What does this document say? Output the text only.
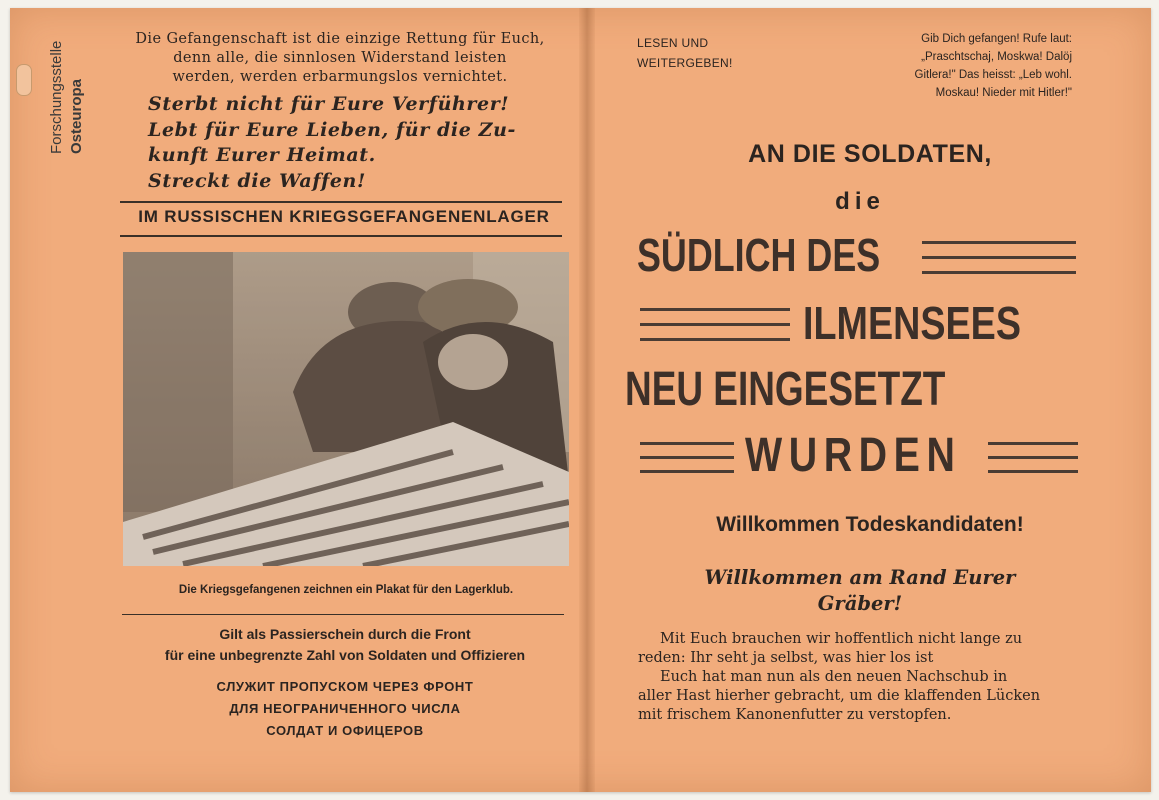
Forschungsstelle Osteuropa
Die Gefangenschaft ist die einzige Rettung für Euch,
denn alle, die sinnlosen Widerstand leisten
werden, werden erbarmungslos vernichtet.
Sterbt nicht für Eure Verführer!
Lebt für Eure Lieben, für die Zu-
kunft Eurer Heimat.
Streckt die Waffen!
IM RUSSISCHEN KRIEGSGEFANGENENLAGER
Die Kriegsgefangenen zeichnen ein Plakat für den Lagerklub.
Gilt als Passierschein durch die Front
für eine unbegrenzte Zahl von Soldaten und Offizieren
СЛУЖИТ ПРОПУСКОМ ЧЕРЕЗ ФРОНТ
ДЛЯ НЕОГРАНИЧЕННОГО ЧИСЛА
СОЛДАТ И ОФИЦЕРОВ
LESEN UND
WEITERGEBEN!
Gib Dich gefangen! Rufe laut:
„Praschtschaj, Moskwa! Dalöj
Gitlera!" Das heisst: „Leb wohl.
Moskau! Nieder mit Hitler!"
AN DIE SOLDATEN,
die
SÜDLICH DES
ILMENSEES
NEU EINGESETZT
WURDEN
Willkommen Todeskandidaten!
Willkommen am Rand Eurer
Gräber!
Mit Euch brauchen wir hoffentlich nicht lange zu
reden: Ihr seht ja selbst, was hier los ist
Euch hat man nun als den neuen Nachschub in
aller Hast hierher gebracht, um die klaffenden Lücken
mit frischem Kanonenfutter zu verstopfen.
